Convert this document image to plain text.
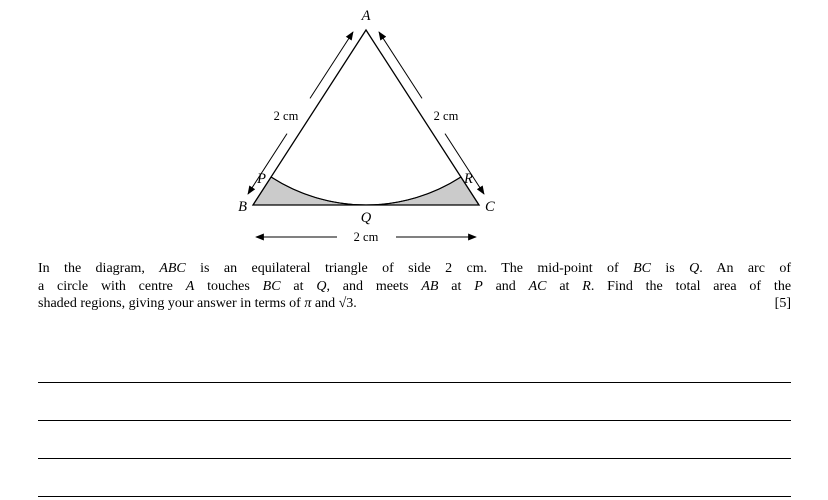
A
B	C
P	R
Q
2 cm	2 cm
2 cm
In the diagram, ABC is an equilateral triangle of side 2 cm. The mid-point of BC is Q. An arc of
a circle with centre A touches BC at Q, and meets AB at P and AC at R. Find the total area of the
shaded regions, giving your answer in terms of π and √3.	[5]
